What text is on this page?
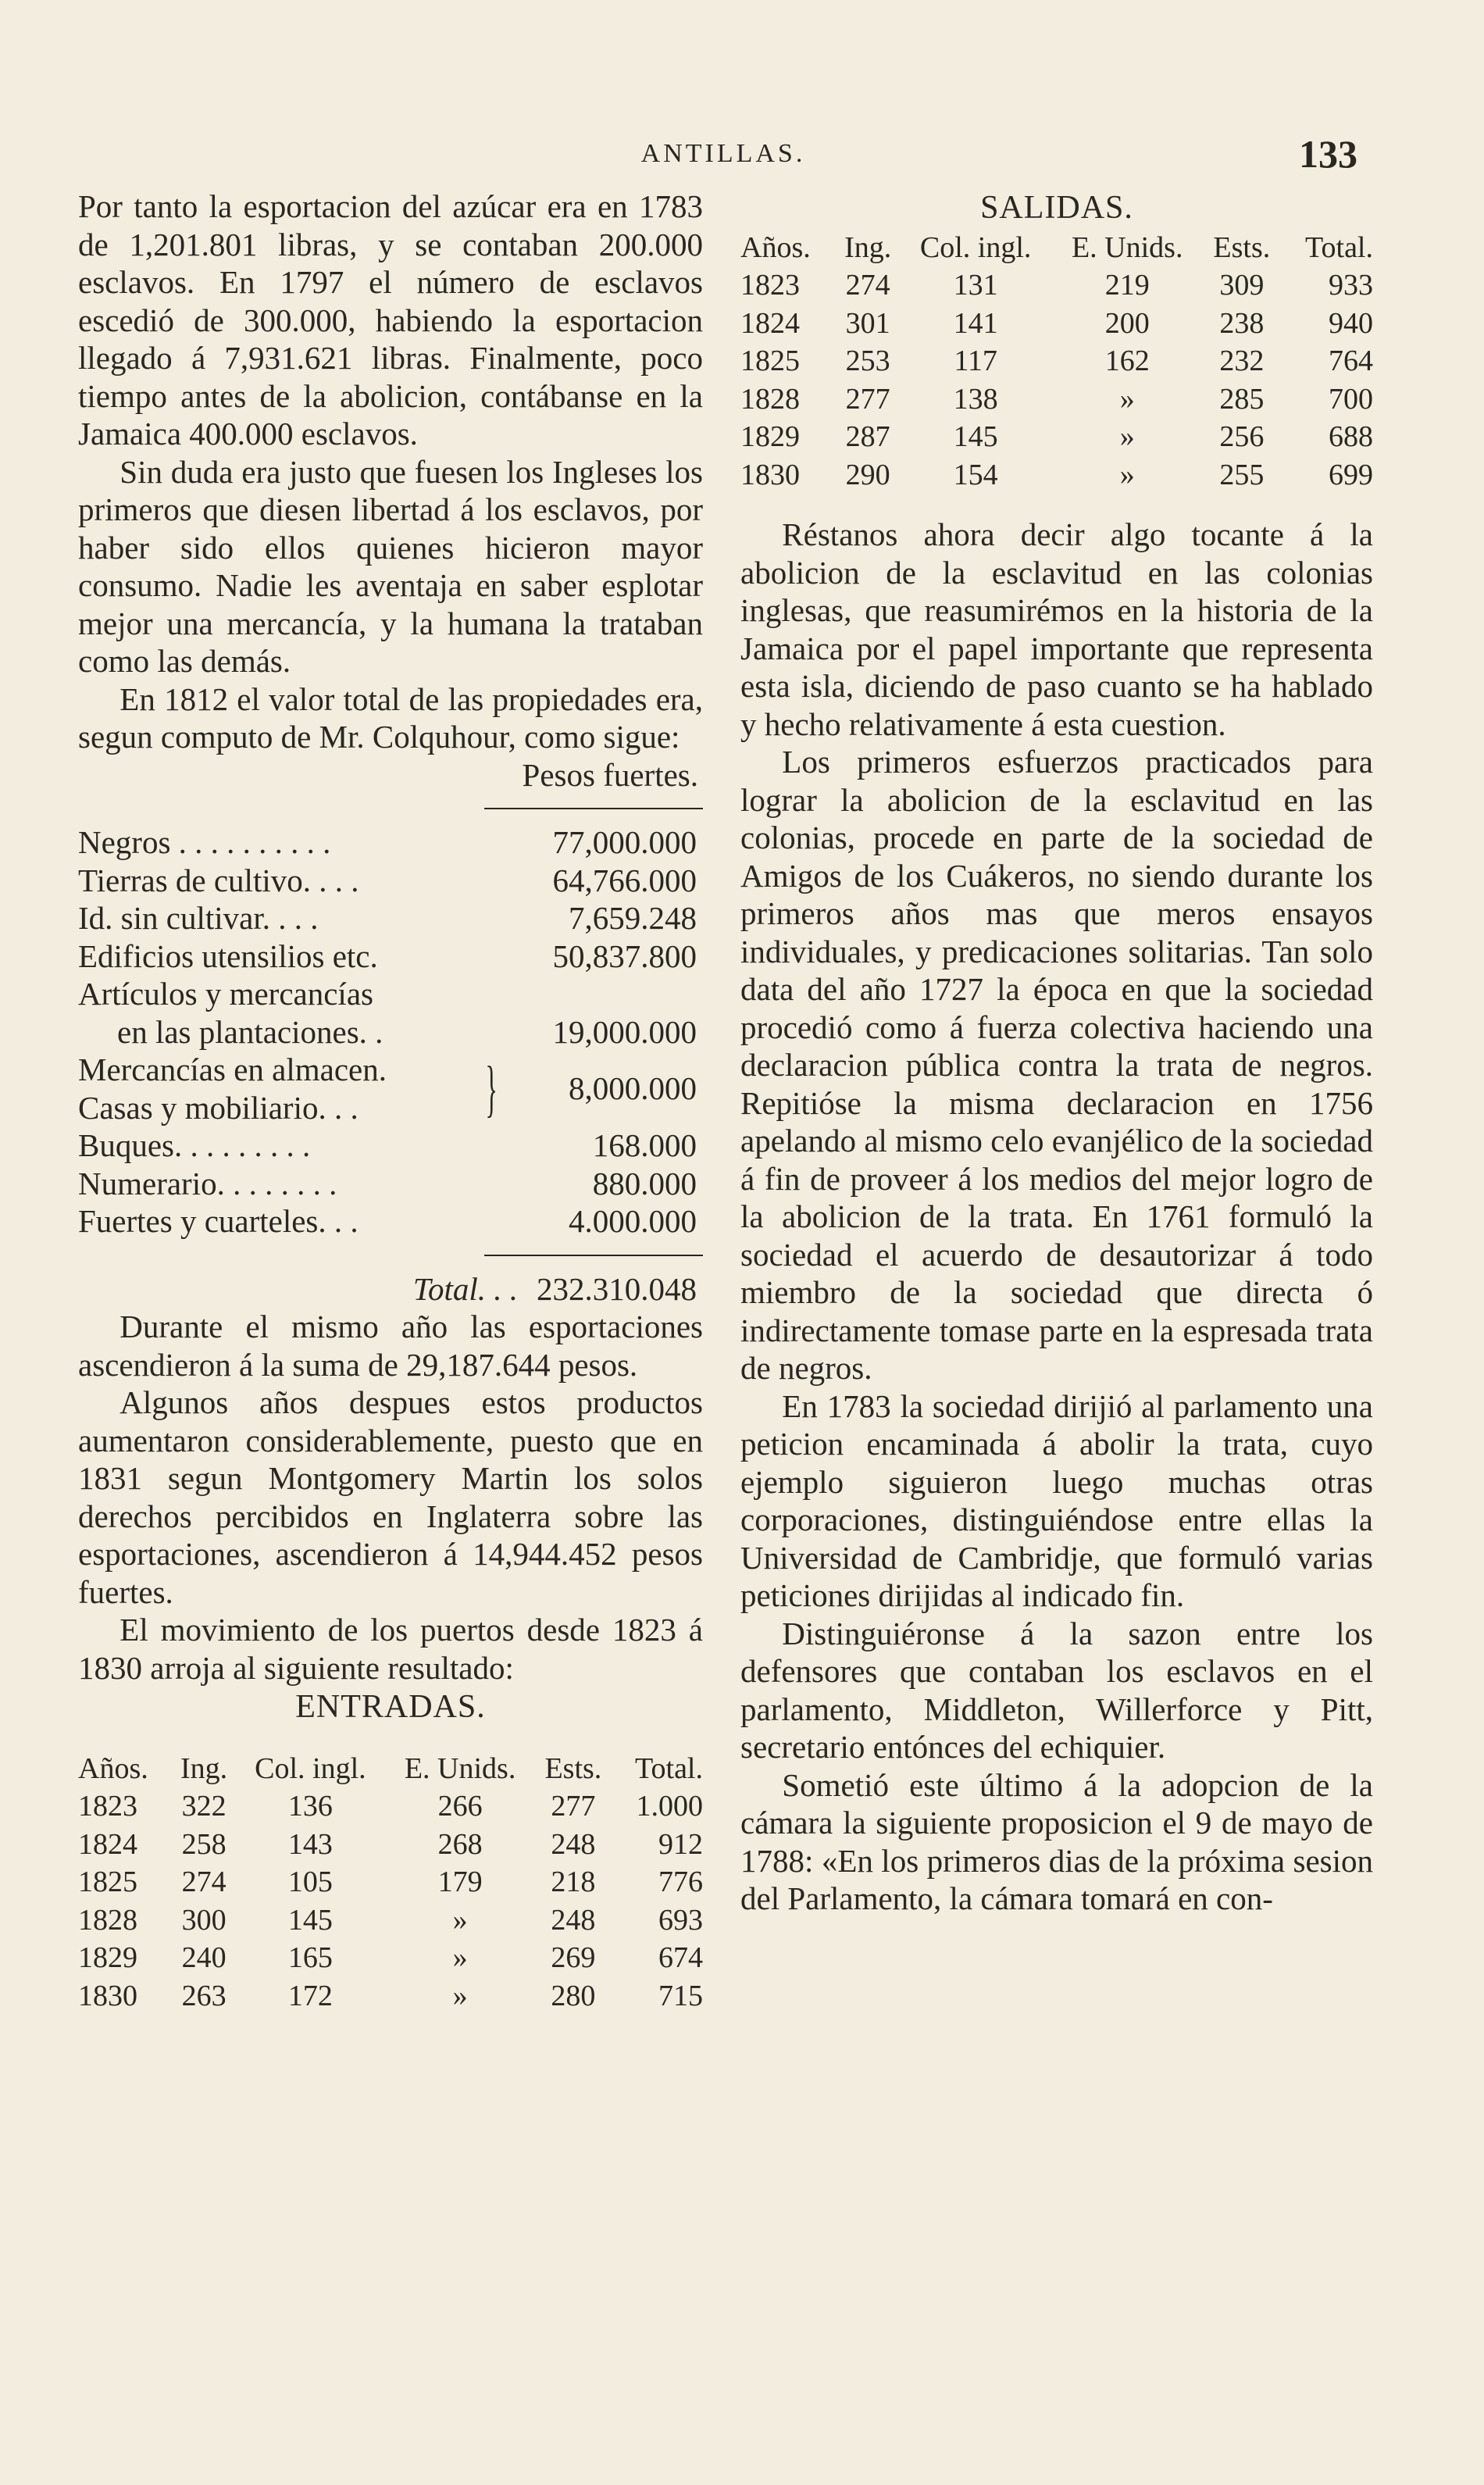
ANTILLAS.	133

Por tanto la esportacion del azúcar era en 1783 de 1,201.801 libras, y se contaban 200.000 esclavos. En 1797 el número de esclavos escedió de 300.000, habiendo la esportacion llegado á 7,931.621 libras. Finalmente, poco tiempo antes de la abolicion, contábanse en la Jamaica 400.000 esclavos.

Sin duda era justo que fuesen los Ingleses los primeros que diesen libertad á los esclavos, por haber sido ellos quienes hicieron mayor consumo. Nadie les aventaja en saber esplotar mejor una mercancía, y la humana la trataban como las demás.

En 1812 el valor total de las propiedades era, segun computo de Mr. Colquhour, como sigue:

Pesos fuertes.
Negros . . . . . . . . . .	77,000.000
Tierras de cultivo. . . .	64,766.000
Id. sin cultivar. . . .	7,659.248
Edificios utensilios etc.	50,837.800
Artículos y mercancías
en las plantaciones. .	19,000.000
Mercancías en almacen.
Casas y mobiliario. . .	}	8,000.000
Buques. . . . . . . . .	168.000
Numerario. . . . . . . .	880.000
Fuertes y cuarteles. . .	4.000.000
Total. . . 232.310.048

Durante el mismo año las esportaciones ascendieron á la suma de 29,187.644 pesos.

Algunos años despues estos productos aumentaron considerablemente, puesto que en 1831 segun Montgomery Martin los solos derechos percibidos en Inglaterra sobre las esportaciones, ascendieron á 14,944.452 pesos fuertes.

El movimiento de los puertos desde 1823 á 1830 arroja al siguiente resultado:

ENTRADAS.
Años.	Ing.	Col. ingl.	E. Unids.	Ests.	Total.
1823	322	136	266	277	1.000
1824	258	143	268	248	912
1825	274	105	179	218	776
1828	300	145	»	248	693
1829	240	165	»	269	674
1830	263	172	»	280	715
SALIDAS.
Años.	Ing.	Col. ingl.	E. Unids.	Ests.	Total.
1823	274	131	219	309	933
1824	301	141	200	238	940
1825	253	117	162	232	764
1828	277	138	»	285	700
1829	287	145	»	256	688
1830	290	154	»	255	699

Réstanos ahora decir algo tocante á la abolicion de la esclavitud en las colonias inglesas, que reasumirémos en la historia de la Jamaica por el papel importante que representa esta isla, diciendo de paso cuanto se ha hablado y hecho relativamente á esta cuestion.

Los primeros esfuerzos practicados para lograr la abolicion de la esclavitud en las colonias, procede en parte de la sociedad de Amigos de los Cuákeros, no siendo durante los primeros años mas que meros ensayos individuales, y predicaciones solitarias. Tan solo data del año 1727 la época en que la sociedad procedió como á fuerza colectiva haciendo una declaracion pública contra la trata de negros. Repitióse la misma declaracion en 1756 apelando al mismo celo evanjélico de la sociedad á fin de proveer á los medios del mejor logro de la abolicion de la trata. En 1761 formuló la sociedad el acuerdo de desautorizar á todo miembro de la sociedad que directa ó indirectamente tomase parte en la espresada trata de negros.

En 1783 la sociedad dirijió al parlamento una peticion encaminada á abolir la trata, cuyo ejemplo siguieron luego muchas otras corporaciones, distinguiéndose entre ellas la Universidad de Cambridje, que formuló varias peticiones dirijidas al indicado fin.

Distinguiéronse á la sazon entre los defensores que contaban los esclavos en el parlamento, Middleton, Willerforce y Pitt, secretario entónces del echiquier.

Sometió este último á la adopcion de la cámara la siguiente proposicion el 9 de mayo de 1788: «En los primeros dias de la próxima sesion del Parlamento, la cámara tomará en con-
